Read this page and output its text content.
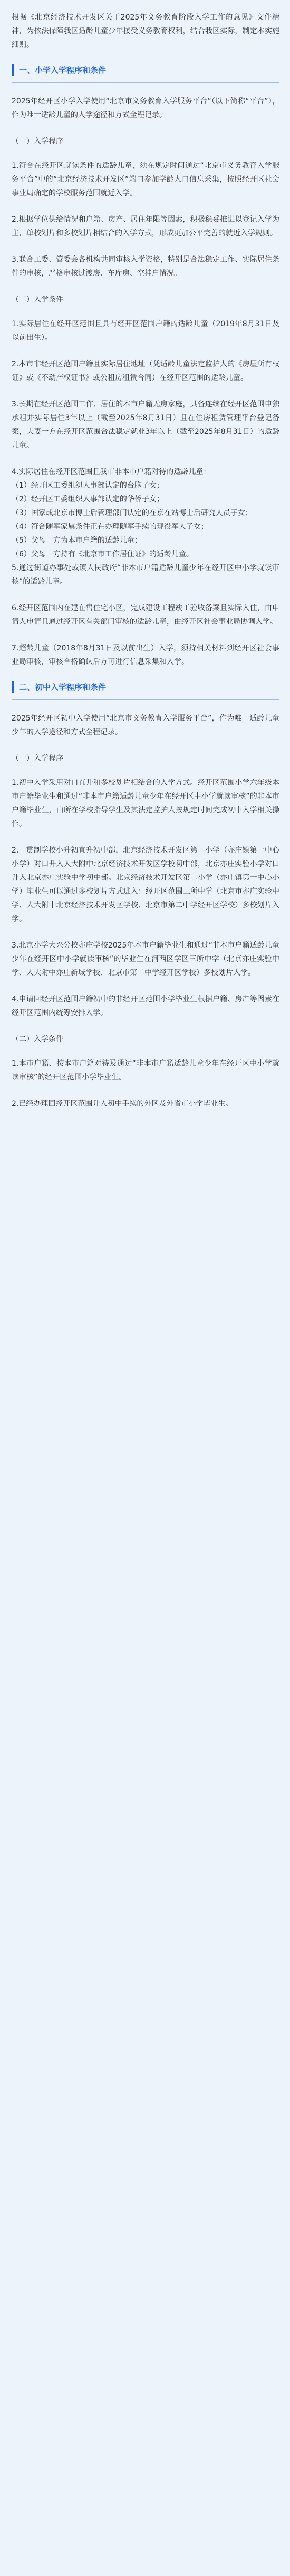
根据《北京经济技术开发区关于2025年义务教育阶段入学工作的意见》文件精神，为依法保障我区适龄儿童少年接受义务教育权利，结合我区实际，制定本实施细则。

一、小学入学程序和条件

2025年经开区小学入学使用“北京市义务教育入学服务平台”（以下简称“平台”），作为唯一适龄儿童的入学途径和方式全程记录。

（一）入学程序

1.符合在经开区就读条件的适龄儿童，须在规定时间通过“北京市义务教育入学服务平台”中的“北京经济技术开发区”端口参加学龄人口信息采集，按照经开区社会事业局确定的学校服务范围就近入学。

2.根据学位供给情况和户籍、房产、居住年限等因素，积极稳妥推进以登记入学为主，单校划片和多校划片相结合的入学方式，形成更加公平完善的就近入学规则。

3.联合工委、管委会各机构共同审核入学资格，特别是合法稳定工作、实际居住条件的审核，严格审核过渡房、车库房、空挂户情况。

（二）入学条件

1.实际居住在经开区范围且具有经开区范围户籍的适龄儿童（2019年8月31日及以前出生）。

2.本市非经开区范围户籍且实际居住地址（凭适龄儿童法定监护人的《房屋所有权证》或《不动产权证书》或公租房租赁合同）在经开区范围的适龄儿童。

3.长期在经开区范围工作、居住的本市户籍无房家庭，具备连续在经开区范围申独承租并实际居住3年以上（截至2025年8月31日）且在住房租赁管理平台登记备案，夫妻一方在经开区范围合法稳定就业3年以上（截至2025年8月31日）的适龄儿童。

4.实际居住在经开区范围且我市非本市户籍对待的适龄儿童：

（1）经开区工委组织人事部认定的台胞子女；

（2）经开区工委组织人事部认定的华侨子女；

（3）国家或北京市博士后管理部门认定的在京在站博士后研究人员子女；

（4）符合随军家属条件正在办理随军手续的现役军人子女；

（5）父母一方为本市户籍的适龄儿童；

（6）父母一方持有《北京市工作居住证》的适龄儿童。

5.通过街道办事处或镇人民政府“非本市户籍适龄儿童少年在经开区中小学就读审核”的适龄儿童。

6.经开区范围内在建在售住宅小区，完成建设工程竣工验收备案且实际入住，由申请人申请且通过经开区有关部门审核的适龄儿童，由经开区社会事业局协调入学。

7.超龄儿童（2018年8月31日及以前出生）入学，须持相关材料到经开区社会事业局审核，审核合格确认后方可进行信息采集和入学。

二、初中入学程序和条件

2025年经开区初中入学使用“北京市义务教育入学服务平台”，作为唯一适龄儿童少年的入学途径和方式全程记录。

（一）入学程序

1.初中入学采用对口直升和多校划片相结合的入学方式。经开区范围小学六年级本市户籍毕业生和通过“非本市户籍适龄儿童少年在经开区中小学就读审核”的非本市户籍毕业生，由所在学校指导学生及其法定监护人按规定时间完成初中入学相关操作。

2.一贯制学校小升初直升初中部，北京经济技术开发区第一小学（亦庄镇第一中心小学）对口升入人大附中北京经济技术开发区学校初中部，北京亦庄实验小学对口升入北京亦庄实验中学初中部。北京经济技术开发区第二小学（亦庄镇第一中心小学）毕业生可以通过多校划片方式进入：经开区范围三所中学（北京市亦庄实验中学、人大附中北京经济技术开发区学校、北京市第二中学经开区学校）多校划片入学。

3.北京小学大兴分校亦庄学校2025年本市户籍毕业生和通过“非本市户籍适龄儿童少年在经开区中小学就读审核”的毕业生在河西区学区三所中学（北京亦庄实验中学、人大附中亦庄新城学校、北京市第二中学经开区学校）多校划片入学。

4.申请回经开区范围户籍初中的非经开区范围小学毕业生根据户籍、房产等因素在经开区范围内统筹安排入学。

（二）入学条件

1.本市户籍、按本市户籍对待及通过“非本市户籍适龄儿童少年在经开区中小学就读审核”的经开区范围小学毕业生。

2.已经办理回经开区范围升入初中手续的外区及外省市小学毕业生。
